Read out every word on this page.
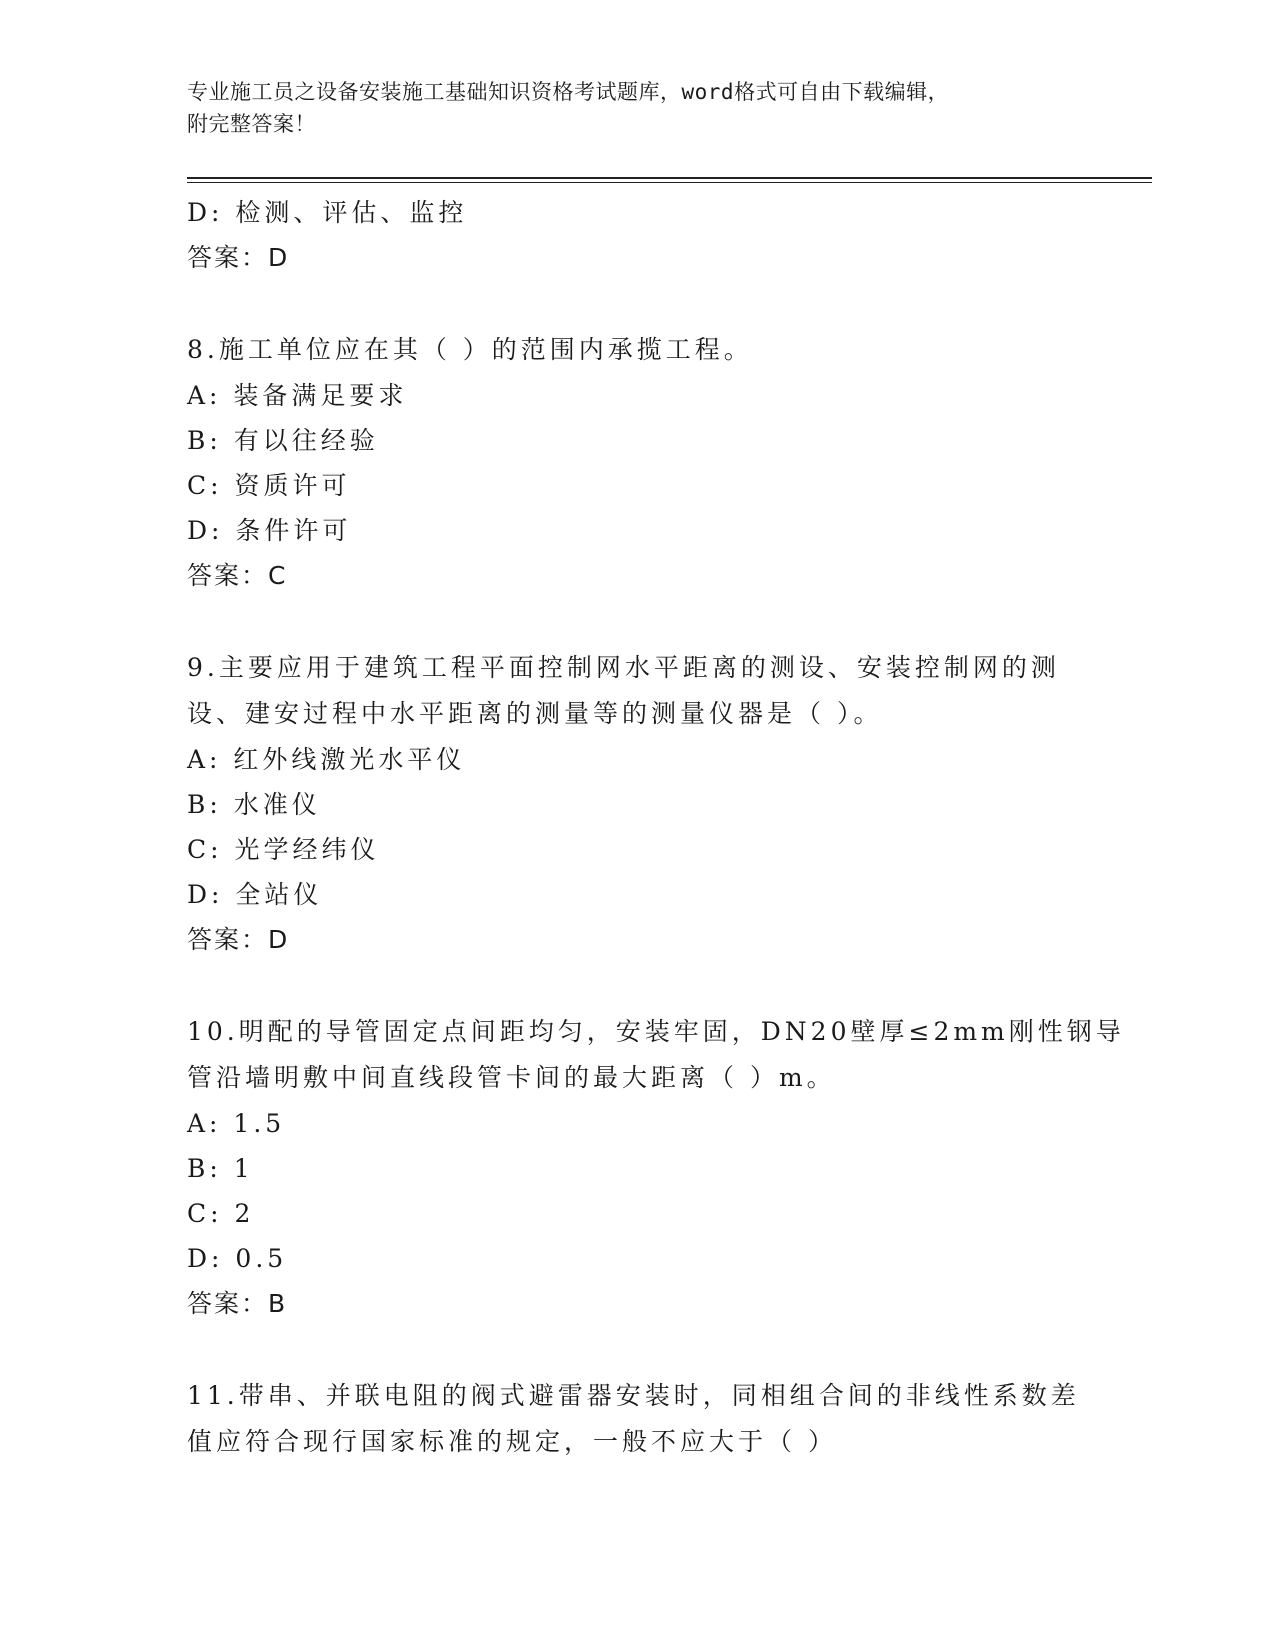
专业施工员之设备安装施工基础知识资格考试题库，word格式可自由下载编辑，
附完整答案！
D: 检测、评估、监控
答案：D
8.施工单位应在其（ ）的范围内承揽工程。
A: 装备满足要求
B: 有以往经验
C: 资质许可
D: 条件许可
答案：C
9.主要应用于建筑工程平面控制网水平距离的测设、安装控制网的测
设、建安过程中水平距离的测量等的测量仪器是（ ）。
A: 红外线激光水平仪
B: 水准仪
C: 光学经纬仪
D: 全站仪
答案：D
10.明配的导管固定点间距均匀，安装牢固，DN20壁厚≤2mm刚性钢导
管沿墙明敷中间直线段管卡间的最大距离（ ）m。
A: 1.5
B: 1
C: 2
D: 0.5
答案：B
11.带串、并联电阻的阀式避雷器安装时，同相组合间的非线性系数差
值应符合现行国家标准的规定，一般不应大于（ ）
